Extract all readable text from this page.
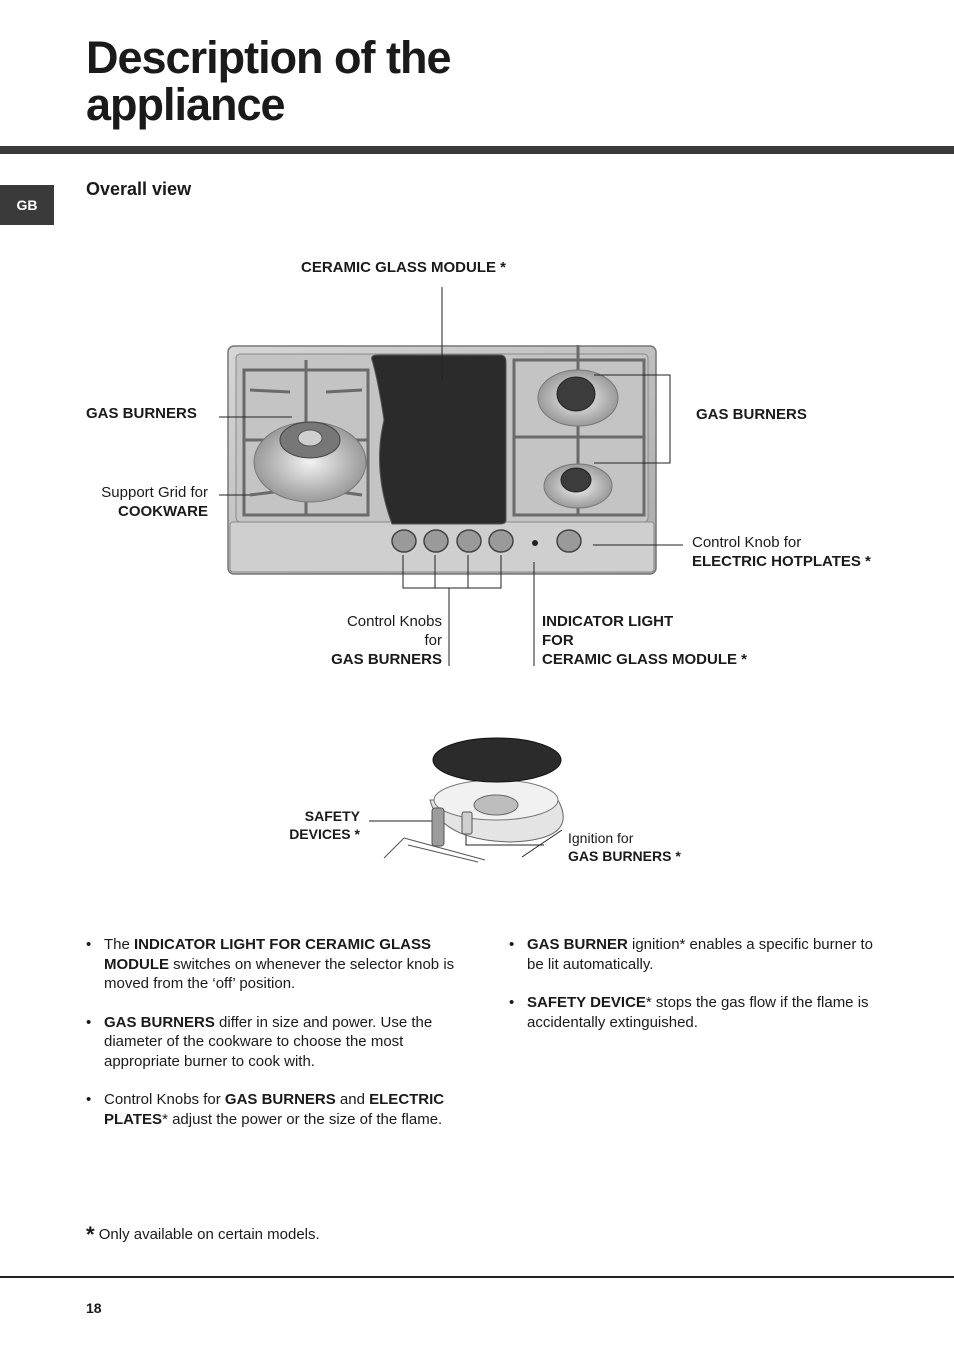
Description of the
appliance
GB
Overall view
CERAMIC GLASS MODULE *
GAS BURNERS	GAS BURNERS
Support Grid for
COOKWARE
Control Knob for
ELECTRIC HOTPLATES *
Control Knobs
for
GAS BURNERS
INDICATOR LIGHT
FOR
CERAMIC GLASS MODULE *
SAFETY
DEVICES *	Ignition for
GAS BURNERS *
• The INDICATOR LIGHT FOR CERAMIC GLASS MODULE switches on whenever the selector knob is moved from the ‘off’ position.
• GAS BURNERS differ in size and power. Use the diameter of the cookware to choose the most appropriate burner to cook with.
• Control Knobs for GAS BURNERS and ELECTRIC PLATES* adjust the power or the size of the flame.
• GAS BURNER ignition* enables a specific burner to be lit automatically.
• SAFETY DEVICE* stops the gas flow if the flame is accidentally extinguished.
* Only available on certain models.
18
